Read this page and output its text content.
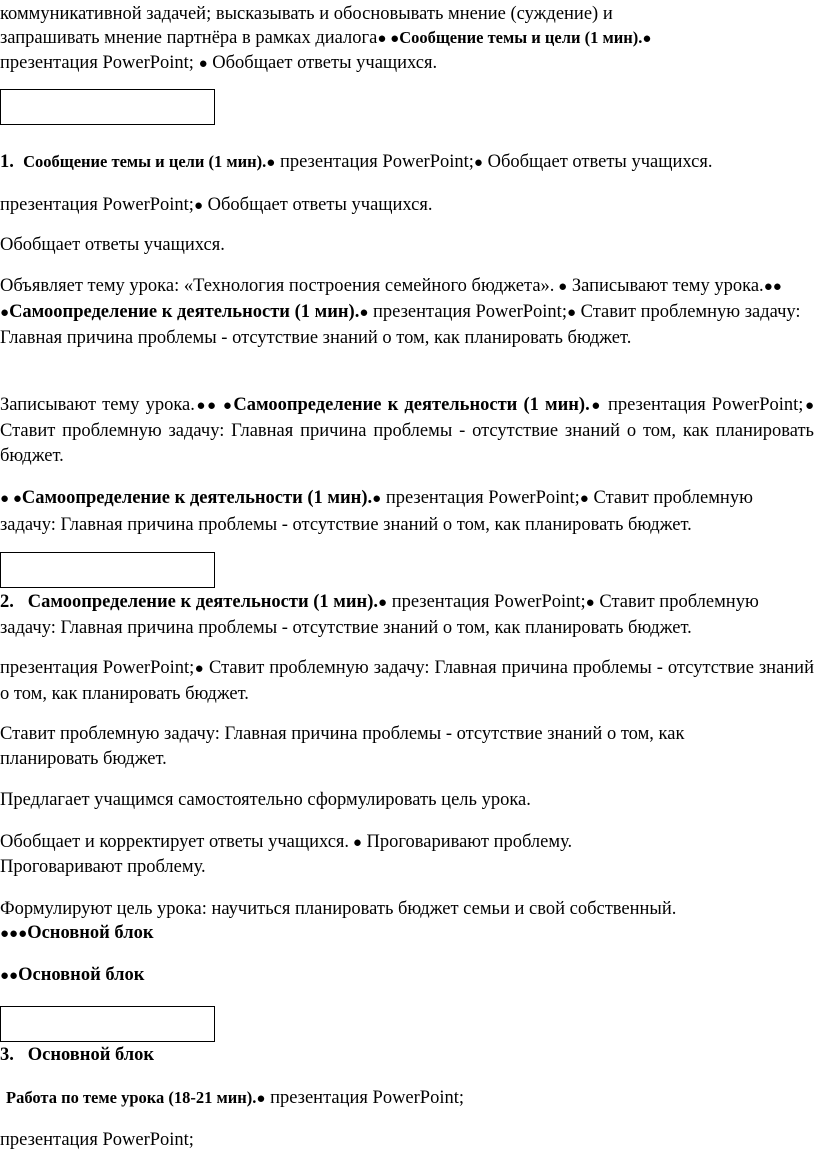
коммуникативной задачей; высказывать и обосновывать мнение (суждение) и запрашивать мнение партнёра в рамках диалога● ●Сообщение темы и цели (1 мин).● презентация PowerPoint; ● Обобщает ответы учащихся.

1. Сообщение темы и цели (1 мин).● презентация PowerPoint;● Обобщает ответы учащихся.

презентация PowerPoint;● Обобщает ответы учащихся.

Обобщает ответы учащихся.

Объявляет тему урока: «Технология построения семейного бюджета». ● Записывают тему урока.●● ●Самоопределение к деятельности (1 мин).● презентация PowerPoint;● Ставит проблемную задачу: Главная причина проблемы - отсутствие знаний о том, как планировать бюджет.

Записывают тему урока.●● ●Самоопределение к деятельности (1 мин).● презентация PowerPoint;● Ставит проблемную задачу: Главная причина проблемы - отсутствие знаний о том, как планировать бюджет.

● ●Самоопределение к деятельности (1 мин).● презентация PowerPoint;● Ставит проблемную задачу: Главная причина проблемы - отсутствие знаний о том, как планировать бюджет.

2. Самоопределение к деятельности (1 мин).● презентация PowerPoint;● Ставит проблемную задачу: Главная причина проблемы - отсутствие знаний о том, как планировать бюджет.

презентация PowerPoint;● Ставит проблемную задачу: Главная причина проблемы - отсутствие знаний о том, как планировать бюджет.

Ставит проблемную задачу: Главная причина проблемы - отсутствие знаний о том, как планировать бюджет.

Предлагает учащимся самостоятельно сформулировать цель урока.

Обобщает и корректирует ответы учащихся. ● Проговаривают проблему.
Проговаривают проблему.

Формулируют цель урока: научиться планировать бюджет семьи и свой собственный.
●●●Основной блок

●●Основной блок

3. Основной блок

Работа по теме урока (18-21 мин).● презентация PowerPoint;

презентация PowerPoint;
